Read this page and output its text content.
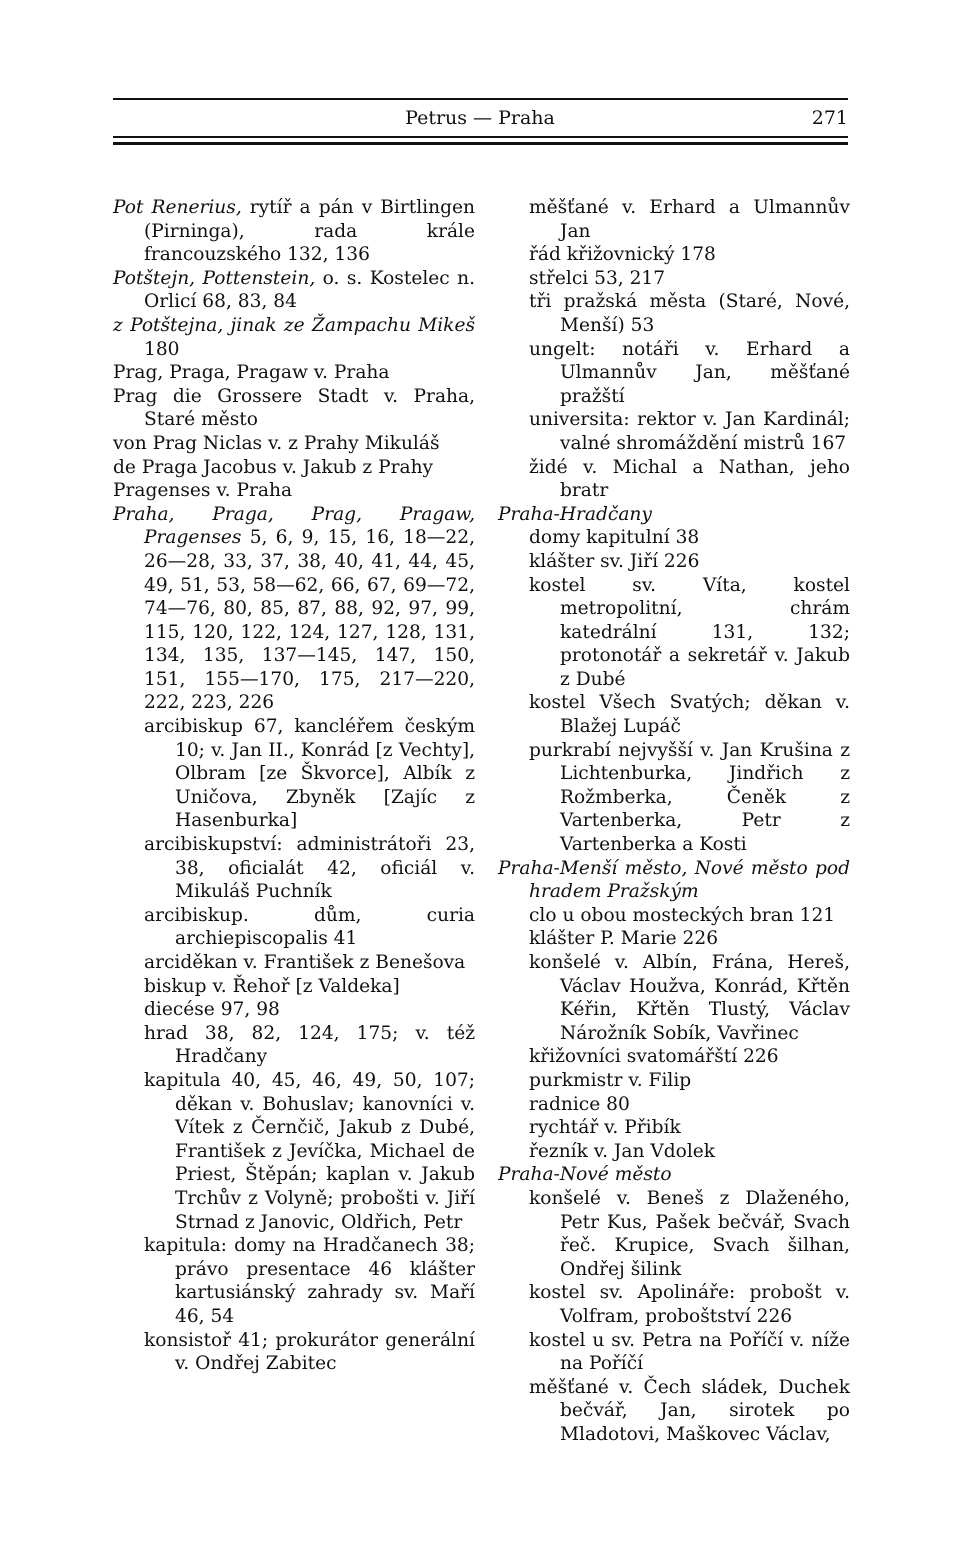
Petrus — Praha	271

Pot Renerius, rytíř a pán v Birtlingen (Pirninga), rada krále francouzského 132, 136

Potštejn, Pottenstein, o. s. Kostelec n. Orlicí 68, 83, 84

z Potštejna, jinak ze Žampachu Mikeš 180

Prag, Praga, Pragaw v. Praha

Prag die Grossere Stadt v. Praha, Staré město

von Prag Niclas v. z Prahy Mikuláš

de Praga Jacobus v. Jakub z Prahy

Pragenses v. Praha

Praha, Praga, Prag, Pragaw, Pragenses 5, 6, 9, 15, 16, 18—22, 26—28, 33, 37, 38, 40, 41, 44, 45, 49, 51, 53, 58—62, 66, 67, 69—72, 74—76, 80, 85, 87, 88, 92, 97, 99, 115, 120, 122, 124, 127, 128, 131, 134, 135, 137—145, 147, 150, 151, 155—170, 175, 217—220, 222, 223, 226

arcibiskup 67, kancléřem českým 10; v. Jan II., Konrád [z Vechty], Olbram [ze Škvorce], Albík z Uničova, Zbyněk [Zajíc z Hasenburka]

arcibiskupství: administrátoři 23, 38, oficialát 42, oficiál v. Mikuláš Puchník

arcibiskup. dům, curia archiepiscopalis 41

arciděkan v. František z Benešova

biskup v. Řehoř [z Valdeka]

diecése 97, 98

hrad 38, 82, 124, 175; v. též Hradčany

kapitula 40, 45, 46, 49, 50, 107; děkan v. Bohuslav; kanovníci v. Vítek z Černčič, Jakub z Dubé, František z Jevíčka, Michael de Priest, Štěpán; kaplan v. Jakub Trchův z Volyně; probošti v. Jiří Strnad z Janovic, Oldřich, Petr

kapitula: domy na Hradčanech 38; právo presentace 46 klášter kartusiánský zahrady sv. Maří 46, 54

konsistoř 41; prokurátor generální v. Ondřej Zabitec

měšťané v. Erhard a Ulmannův Jan

řád křižovnický 178

střelci 53, 217

tři pražská města (Staré, Nové, Menší) 53

ungelt: notáři v. Erhard a Ulmannův Jan, měšťané pražští

universita: rektor v. Jan Kardinál; valné shromáždění mistrů 167

židé v. Michal a Nathan, jeho bratr

Praha-Hradčany

domy kapitulní 38

klášter sv. Jiří 226

kostel sv. Víta, kostel metropolitní, chrám katedrální 131, 132; protonotář a sekretář v. Jakub z Dubé

kostel Všech Svatých; děkan v. Blažej Lupáč

purkrabí nejvyšší v. Jan Krušina z Lichtenburka, Jindřich z Rožmberka, Čeněk z Vartenberka, Petr z Vartenberka a Kosti

Praha-Menší město, Nové město pod hradem Pražským

clo u obou mosteckých bran 121

klášter P. Marie 226

konšelé v. Albín, Frána, Hereš, Václav Houžva, Konrád, Křtěn Kéřin, Křtěn Tlustý, Václav Nárožník Sobík, Vavřinec

křižovníci svatomářští 226

purkmistr v. Filip

radnice 80

rychtář v. Přibík

řezník v. Jan Vdolek

Praha-Nové město

konšelé v. Beneš z Dlaženého, Petr Kus, Pašek bečvář, Svach řeč. Krupice, Svach šilhan, Ondřej šilink

kostel sv. Apolináře: probošt v. Volfram, proboštství 226

kostel u sv. Petra na Poříčí v. níže na Poříčí

měšťané v. Čech sládek, Duchek bečvář, Jan, sirotek po Mladotovi, Maškovec Václav,
